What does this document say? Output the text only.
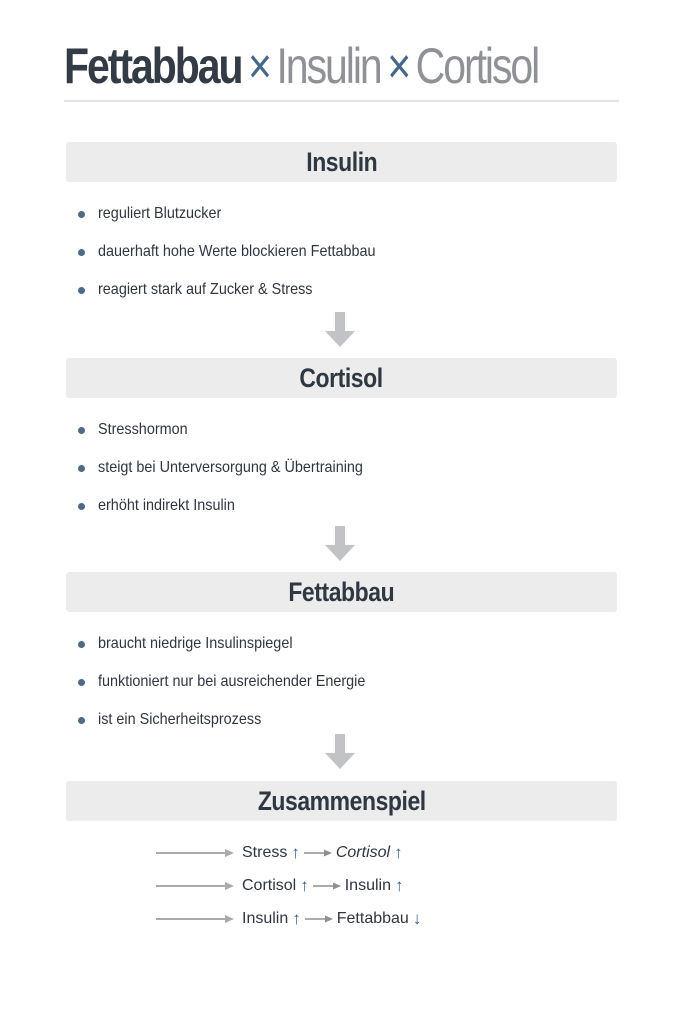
Fettabbau × Insulin × Cortisol
Insulin
reguliert Blutzucker
dauerhaft hohe Werte blockieren Fettabbau
reagiert stark auf Zucker & Stress
Cortisol
Stresshormon
steigt bei Unterversorgung & Übertraining
erhöht indirekt Insulin
Fettabbau
braucht niedrige Insulinspiegel
funktioniert nur bei ausreichender Energie
ist ein Sicherheitsprozess
Zusammenspiel
Stress ↑ Cortisol ↑
Cortisol ↑ Insulin ↑
Insulin ↑ Fettabbau ↓
